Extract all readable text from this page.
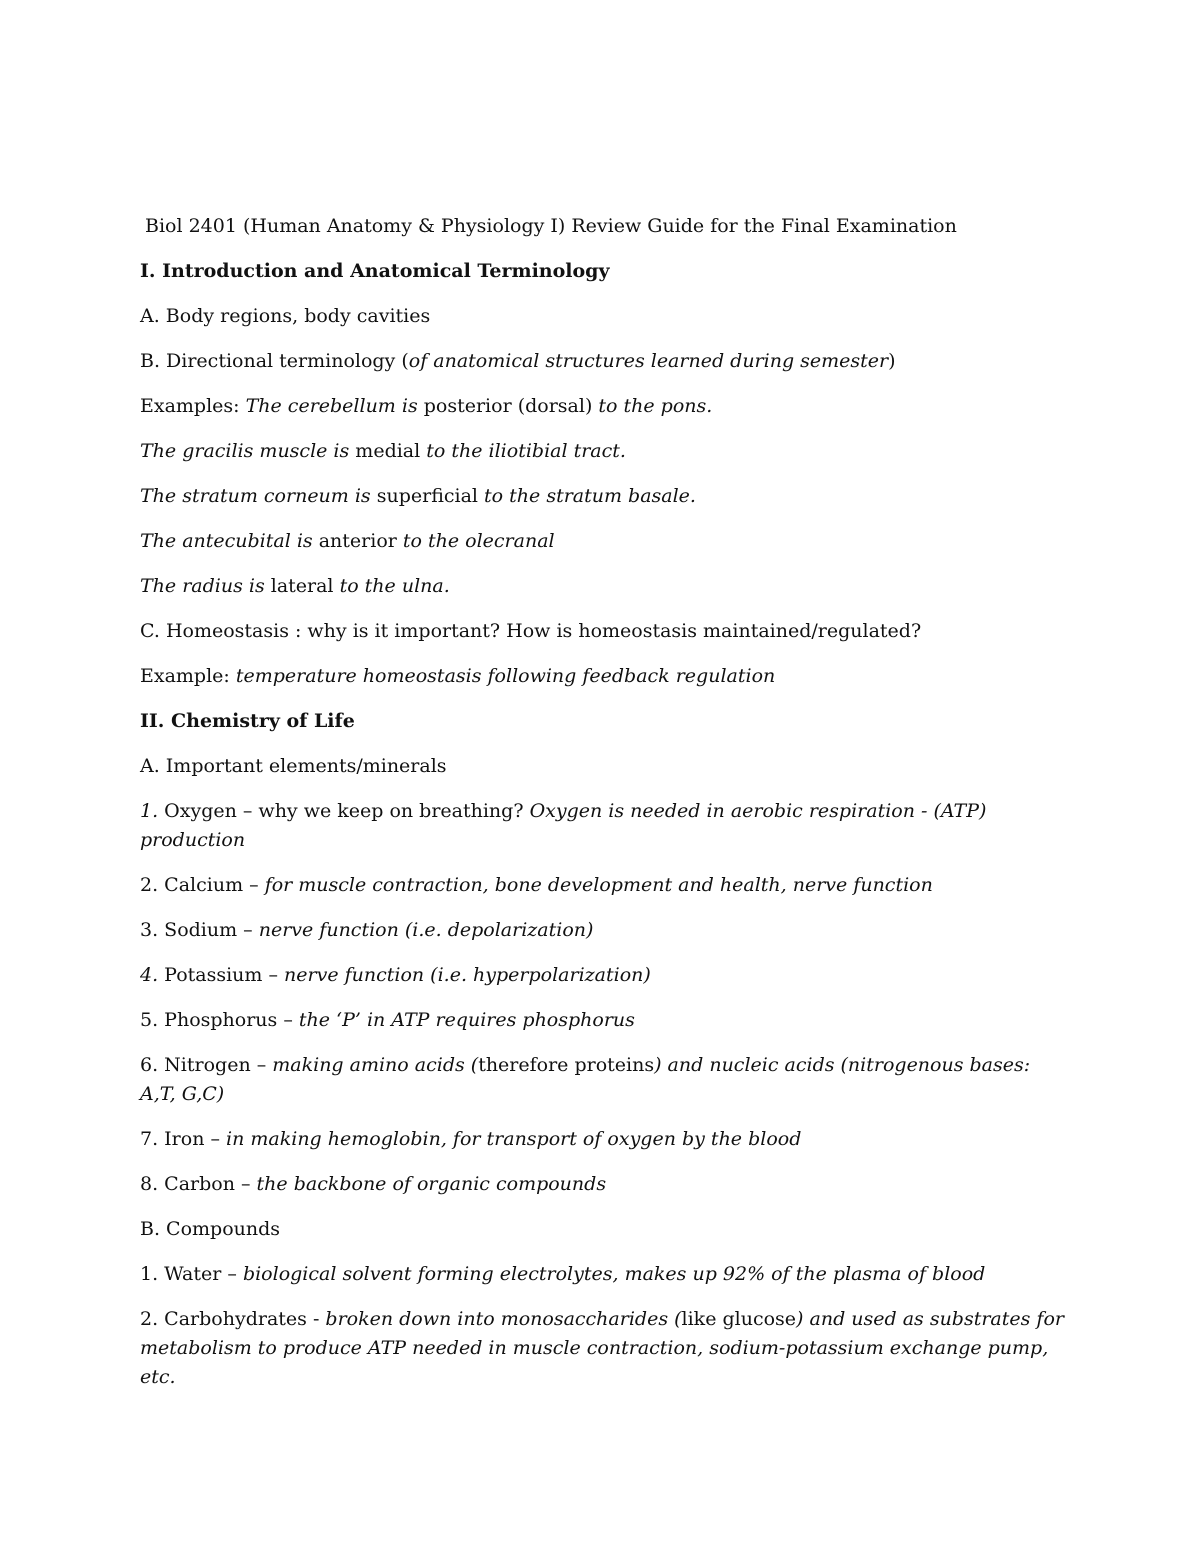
Biol 2401 (Human Anatomy & Physiology I) Review Guide for the Final Examination

I. Introduction and Anatomical Terminology

A. Body regions, body cavities

B. Directional terminology (of anatomical structures learned during semester)

Examples: The cerebellum is posterior (dorsal) to the pons.

The gracilis muscle is medial to the iliotibial tract.

The stratum corneum is superficial to the stratum basale.

The antecubital is anterior to the olecranal

The radius is lateral to the ulna.

C. Homeostasis : why is it important? How is homeostasis maintained/regulated?

Example: temperature homeostasis following feedback regulation

II. Chemistry of Life

A. Important elements/minerals

1. Oxygen – why we keep on breathing? Oxygen is needed in aerobic respiration - (ATP) production

2. Calcium – for muscle contraction, bone development and health, nerve function

3. Sodium – nerve function (i.e. depolarization)

4. Potassium – nerve function (i.e. hyperpolarization)

5. Phosphorus – the ‘P’ in ATP requires phosphorus

6. Nitrogen – making amino acids (therefore proteins) and nucleic acids (nitrogenous bases: A,T, G,C)

7. Iron – in making hemoglobin, for transport of oxygen by the blood

8. Carbon – the backbone of organic compounds

B. Compounds

1. Water – biological solvent forming electrolytes, makes up 92% of the plasma of blood

2. Carbohydrates - broken down into monosaccharides (like glucose) and used as substrates for metabolism to produce ATP needed in muscle contraction, sodium-potassium exchange pump, etc.
